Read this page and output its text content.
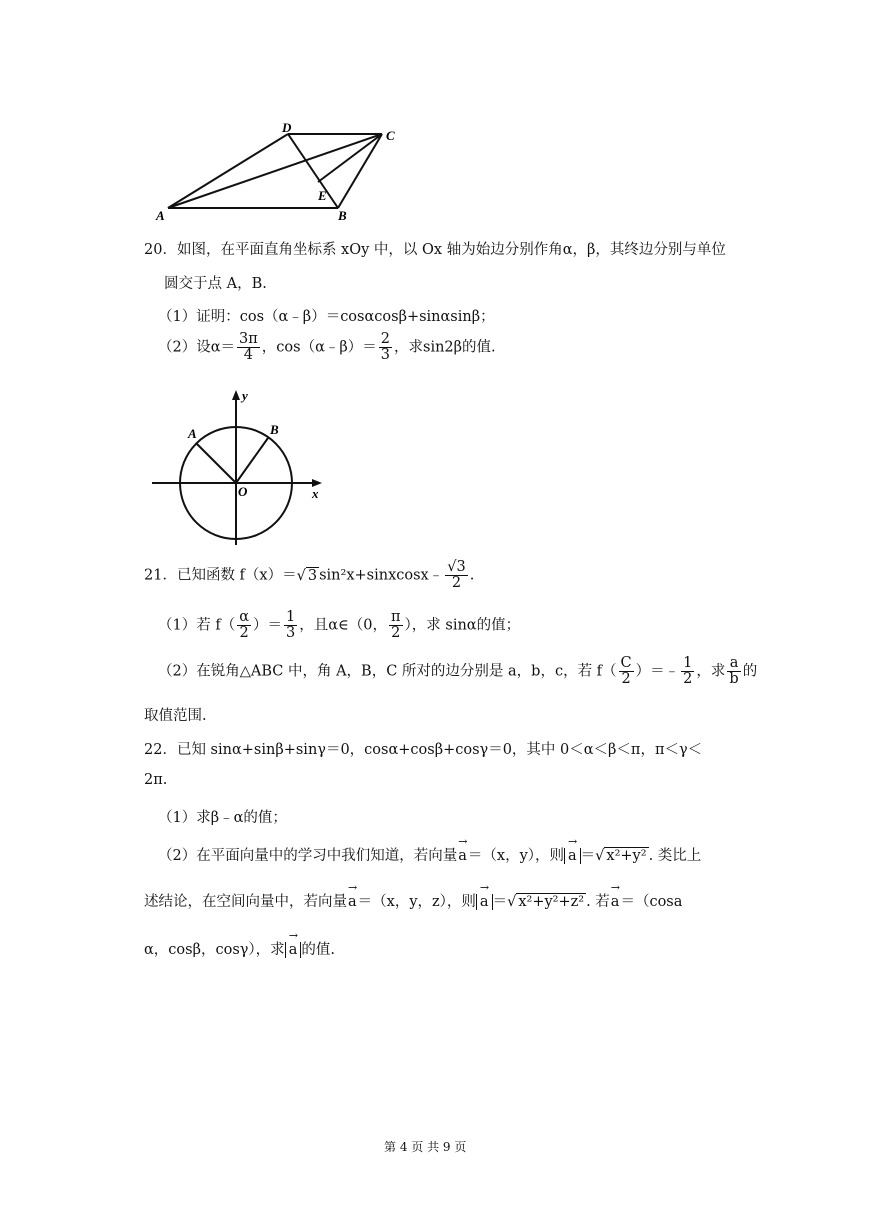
D
C
E
A	B
20．如图，在平面直角坐标系 xOy 中，以 Ox 轴为始边分别作角α，β，其终边分别与单位
圆交于点 A，B.
（1）证明：cos（α﹣β）＝cosαcosβ+sinαsinβ；
（2）设$\alpha= \frac{3\pi}{4}$ ，cos（α﹣β）＝ $\frac{2}{3}$ ，求sin2β的值.
y
A	B
O	x
21．已知函数 f（x）＝√ 3 sin²x+sinxcosx﹣ $\frac{√3}{2}$ .
（1）若 $f( \frac{\alpha}{2}$ ）＝ $\frac{1}{3}$ ，且α∈（0， $\frac{\pi}{2}$ ），求 sinα的值；
（2）在锐角△ABC 中，角 A，B，C 所对的边分别是 a，b，c，若 $f( \frac{C}{2}$ ）＝﹣ $\frac{1}{2}$ ，求 $\frac{a}{b}$ 的
取值范围.
22．已知 sinα+sinβ+sinγ＝0，cosα+cosβ+cosγ＝0，其中 0＜α＜β＜π，π＜γ＜
2π.
（1）求β﹣α的值；
（2）在平面向量中的学习中我们知道，若向量→ a＝（x，y），则 → a ＝√ x²+y² . 类比上
述结论，在空间向量中，若向量→ a＝（x，y，z），则 → a ＝√ x²+y²+z² . 若→ a＝（cosa
α，cosβ，cosγ），求 → a 的值.
第 4 页 共 9 页
